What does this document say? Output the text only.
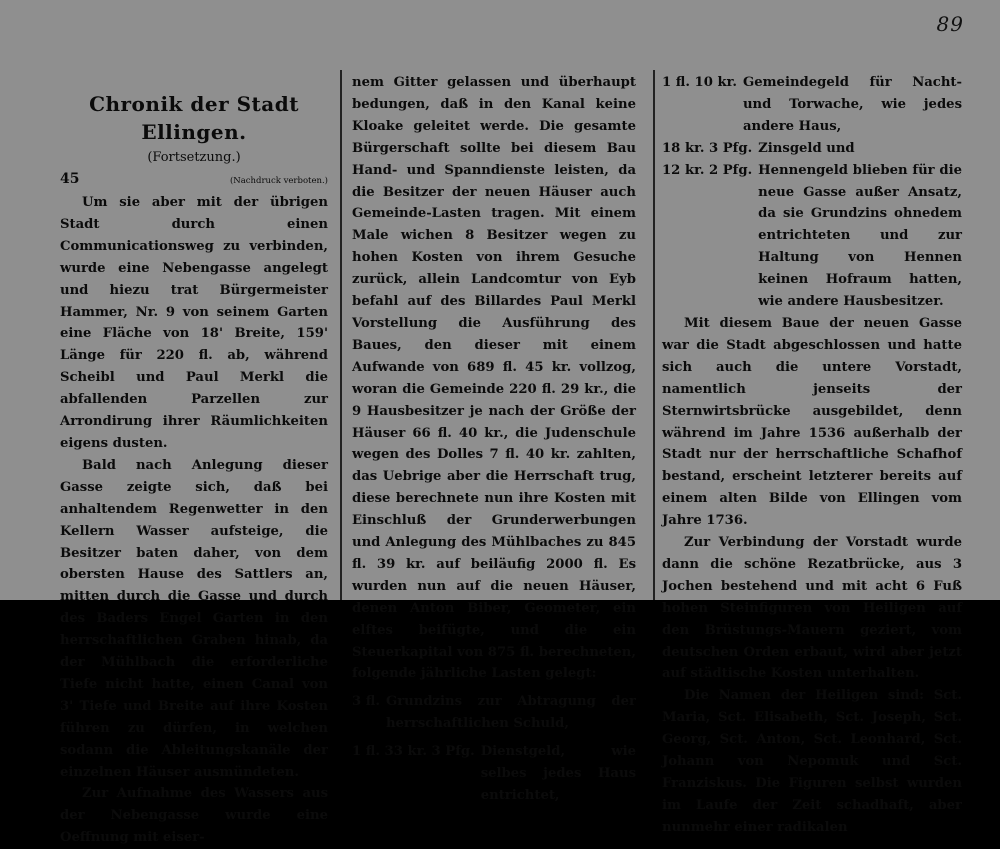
89
Chronik der Stadt Ellingen.
(Fortsetzung.)
45	(Nachdruck verboten.)

Um sie aber mit der übrigen Stadt durch einen Communicationsweg zu verbinden, wurde eine Nebengasse angelegt und hiezu trat Bürgermeister Hammer, Nr. 9 von seinem Garten eine Fläche von 18' Breite, 159' Länge für 220 fl. ab, während Scheibl und Paul Merkl die abfallenden Parzellen zur Arrondirung ihrer Räumlichkeiten eigens dusten.

Bald nach Anlegung dieser Gasse zeigte sich, daß bei anhaltendem Regenwetter in den Kellern Wasser aufsteige, die Besitzer baten daher, von dem obersten Hause des Sattlers an, mitten durch die Gasse und durch des Baders Engel Garten in den herrschaftlichen Graben hinab, da der Mühlbach die erforderliche Tiefe nicht hatte, einen Canal von 3' Tiefe und Breite auf ihre Kosten führen zu dürfen, in welchen sodann die Ableitungskanäle der einzelnen Häuser ausmündeten.

Zur Aufnahme des Wassers aus der Nebengasse wurde eine Oeffnung mit eiser-

nem Gitter gelassen und überhaupt bedungen, daß in den Kanal keine Kloake geleitet werde. Die gesamte Bürgerschaft sollte bei diesem Bau Hand- und Spanndienste leisten, da die Besitzer der neuen Häuser auch Gemeinde-Lasten tragen. Mit einem Male wichen 8 Besitzer wegen zu hohen Kosten von ihrem Gesuche zurück, allein Landcomtur von Eyb befahl auf des Billardes Paul Merkl Vorstellung die Ausführung des Baues, den dieser mit einem Aufwande von 689 fl. 45 kr. vollzog, woran die Gemeinde 220 fl. 29 kr., die 9 Hausbesitzer je nach der Größe der Häuser 66 fl. 40 kr., die Judenschule wegen des Dolles 7 fl. 40 kr. zahlten, das Uebrige aber die Herrschaft trug, diese berechnete nun ihre Kosten mit Einschluß der Grunderwerbungen und Anlegung des Mühlbaches zu 845 fl. 39 kr. auf beiläufig 2000 fl. Es wurden nun auf die neuen Häuser, denen Anton Biber, Geometer, ein elftes beifügte, und die ein Steuerkapital von 875 fl. berechneten, folgende jährliche Lasten gelegt:

3 fl. Grundzins zur Abtragung der herrschaftlichen Schuld,
1 fl. 33 kr. 3 Pfg. Dienstgeld, wie selbes jedes Haus entrichtet,
1 fl. 10 kr. Gemeindegeld für Nacht- und Torwache, wie jedes andere Haus,
18 kr. 3 Pfg. Zinsgeld und
12 kr. 2 Pfg. Hennengeld blieben für die neue Gasse außer Ansatz, da sie Grundzins ohnedem entrichteten und zur Haltung von Hennen keinen Hofraum hatten, wie andere Hausbesitzer.

Mit diesem Baue der neuen Gasse war die Stadt abgeschlossen und hatte sich auch die untere Vorstadt, namentlich jenseits der Sternwirtsbrücke ausgebildet, denn während im Jahre 1536 außerhalb der Stadt nur der herrschaftliche Schafhof bestand, erscheint letzterer bereits auf einem alten Bilde von Ellingen vom Jahre 1736.

Zur Verbindung der Vorstadt wurde dann die schöne Rezatbrücke, aus 3 Jochen bestehend und mit acht 6 Fuß hohen Steinfiguren von Heiligen auf den Brüstungs-Mauern geziert, vom deutschen Orden erbaut, wird aber jetzt auf städtische Kosten unterhalten.

Die Namen der Heiligen sind: Sct. Maria, Sct. Elisabeth, Sct. Joseph, Sct. Georg, Sct. Anton, Sct. Leonhard, Sct. Johann von Nepomuk und Sct. Franziskus. Die Figuren selbst wurden im Laufe der Zeit schadhaft, aber nunmehr einer radikalen
